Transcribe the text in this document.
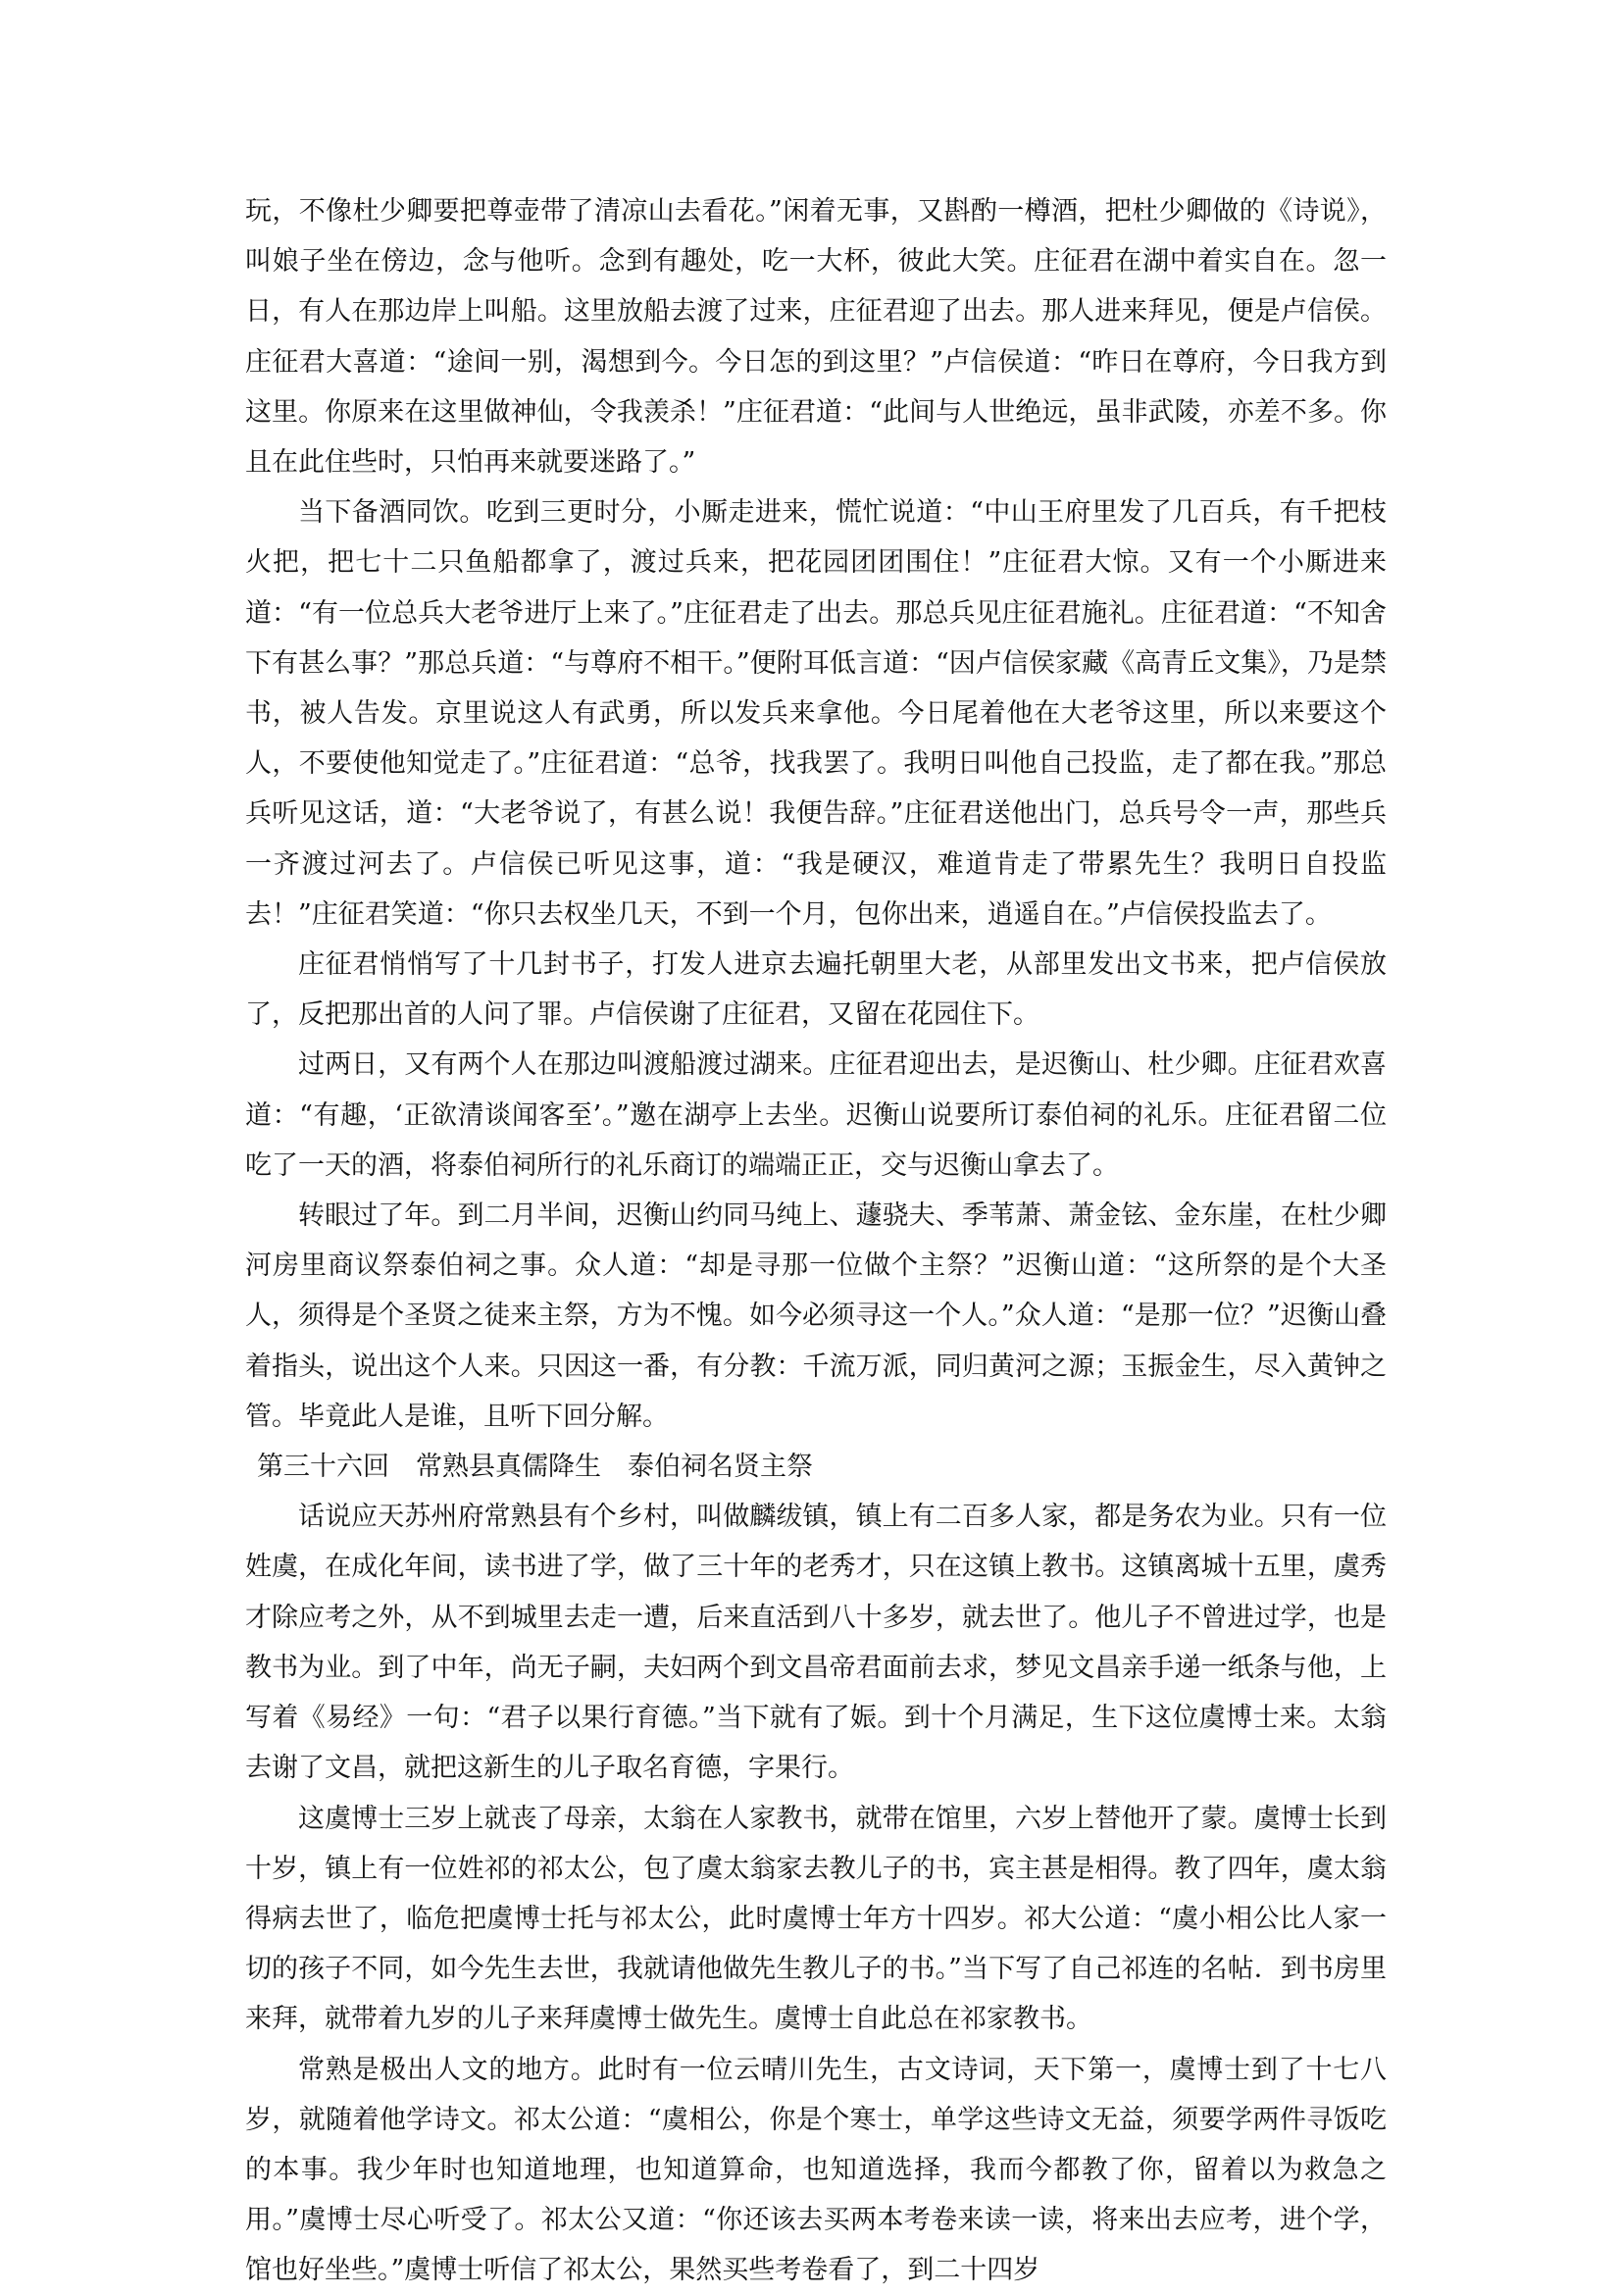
玩，不像杜少卿要把尊壶带了清凉山去看花。”闲着无事，又斟酌一樽酒，把杜少卿做的《诗说》，叫娘子坐在傍边，念与他听。念到有趣处，吃一大杯，彼此大笑。庄征君在湖中着实自在。忽一日，有人在那边岸上叫船。这里放船去渡了过来，庄征君迎了出去。那人进来拜见，便是卢信侯。庄征君大喜道：“途间一别，渴想到今。今日怎的到这里？”卢信侯道：“昨日在尊府，今日我方到这里。你原来在这里做神仙，令我羡杀！”庄征君道：“此间与人世绝远，虽非武陵，亦差不多。你且在此住些时，只怕再来就要迷路了。”

当下备酒同饮。吃到三更时分，小厮走进来，慌忙说道：“中山王府里发了几百兵，有千把枝火把，把七十二只鱼船都拿了，渡过兵来，把花园团团围住！”庄征君大惊。又有一个小厮进来道：“有一位总兵大老爷进厅上来了。”庄征君走了出去。那总兵见庄征君施礼。庄征君道：“不知舍下有甚么事？”那总兵道：“与尊府不相干。”便附耳低言道：“因卢信侯家藏《高青丘文集》，乃是禁书，被人告发。京里说这人有武勇，所以发兵来拿他。今日尾着他在大老爷这里，所以来要这个人，不要使他知觉走了。”庄征君道：“总爷，找我罢了。我明日叫他自己投监，走了都在我。”那总兵听见这话，道：“大老爷说了，有甚么说！我便告辞。”庄征君送他出门，总兵号令一声，那些兵一齐渡过河去了。卢信侯已听见这事，道：“我是硬汉，难道肯走了带累先生？我明日自投监去！”庄征君笑道：“你只去权坐几天，不到一个月，包你出来，逍遥自在。”卢信侯投监去了。

庄征君悄悄写了十几封书子，打发人进京去遍托朝里大老，从部里发出文书来，把卢信侯放了，反把那出首的人问了罪。卢信侯谢了庄征君，又留在花园住下。

过两日，又有两个人在那边叫渡船渡过湖来。庄征君迎出去，是迟衡山、杜少卿。庄征君欢喜道：“有趣，‘正欲清谈闻客至’。”邀在湖亭上去坐。迟衡山说要所订泰伯祠的礼乐。庄征君留二位吃了一天的酒，将泰伯祠所行的礼乐商订的端端正正，交与迟衡山拿去了。

转眼过了年。到二月半间，迟衡山约同马纯上、蘧骁夫、季苇萧、萧金铉、金东崖，在杜少卿河房里商议祭泰伯祠之事。众人道：“却是寻那一位做个主祭？”迟衡山道：“这所祭的是个大圣人，须得是个圣贤之徒来主祭，方为不愧。如今必须寻这一个人。”众人道：“是那一位？”迟衡山叠着指头，说出这个人来。只因这一番，有分教：千流万派，同归黄河之源；玉振金生，尽入黄钟之管。毕竟此人是谁，且听下回分解。

第三十六回　常熟县真儒降生　泰伯祠名贤主祭

话说应天苏州府常熟县有个乡村，叫做麟绂镇，镇上有二百多人家，都是务农为业。只有一位姓虞，在成化年间，读书进了学，做了三十年的老秀才，只在这镇上教书。这镇离城十五里，虞秀才除应考之外，从不到城里去走一遭，后来直活到八十多岁，就去世了。他儿子不曾进过学，也是教书为业。到了中年，尚无子嗣，夫妇两个到文昌帝君面前去求，梦见文昌亲手递一纸条与他，上写着《易经》一句：“君子以果行育德。”当下就有了娠。到十个月满足，生下这位虞博士来。太翁去谢了文昌，就把这新生的儿子取名育德，字果行。

这虞博士三岁上就丧了母亲，太翁在人家教书，就带在馆里，六岁上替他开了蒙。虞博士长到十岁，镇上有一位姓祁的祁太公，包了虞太翁家去教儿子的书，宾主甚是相得。教了四年，虞太翁得病去世了，临危把虞博士托与祁太公，此时虞博士年方十四岁。祁大公道：“虞小相公比人家一切的孩子不同，如今先生去世，我就请他做先生教儿子的书。”当下写了自己祁连的名帖．到书房里来拜，就带着九岁的儿子来拜虞博士做先生。虞博士自此总在祁家教书。

常熟是极出人文的地方。此时有一位云晴川先生，古文诗词，天下第一，虞博士到了十七八岁，就随着他学诗文。祁太公道：“虞相公，你是个寒士，单学这些诗文无益，须要学两件寻饭吃的本事。我少年时也知道地理，也知道算命，也知道选择，我而今都教了你，留着以为救急之用。”虞博士尽心听受了。祁太公又道：“你还该去买两本考卷来读一读，将来出去应考，进个学，馆也好坐些。”虞博士听信了祁太公，果然买些考卷看了，到二十四岁
